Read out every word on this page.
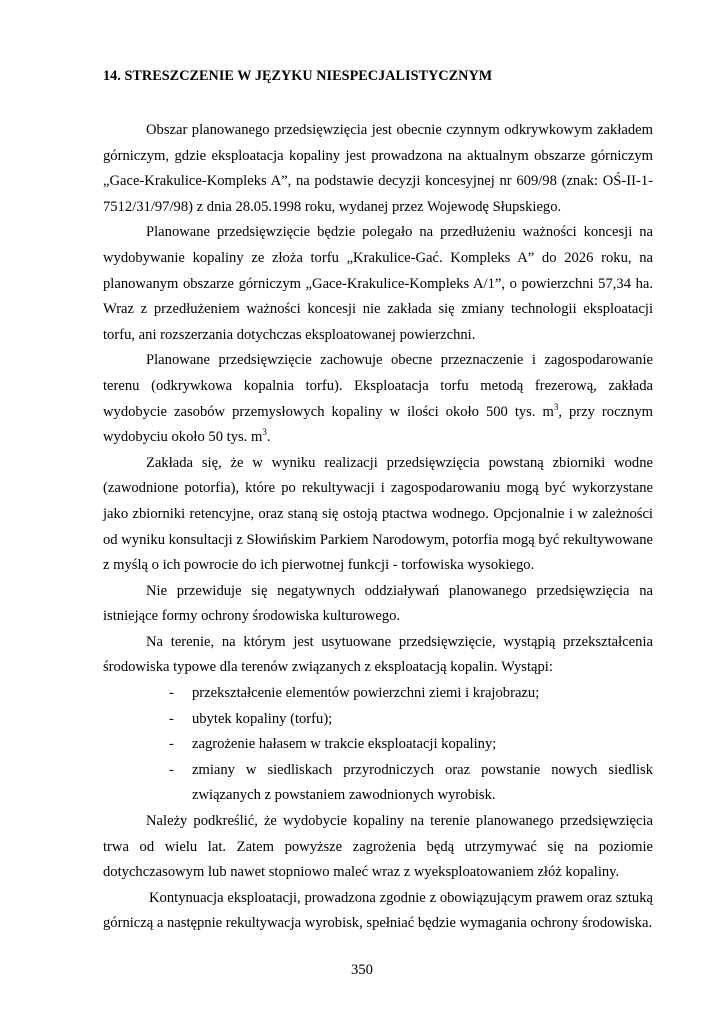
14. STRESZCZENIE W JĘZYKU NIESPECJALISTYCZNYM

Obszar planowanego przedsięwzięcia jest obecnie czynnym odkrywkowym zakładem górniczym, gdzie eksploatacja kopaliny jest prowadzona na aktualnym obszarze górniczym „Gace-Krakulice-Kompleks A”, na podstawie decyzji koncesyjnej nr 609/98 (znak: OŚ-II-1-7512/31/97/98) z dnia 28.05.1998 roku, wydanej przez Wojewodę Słupskiego.

Planowane przedsięwzięcie będzie polegało na przedłużeniu ważności koncesji na wydobywanie kopaliny ze złoża torfu „Krakulice-Gać. Kompleks A” do 2026 roku, na planowanym obszarze górniczym „Gace-Krakulice-Kompleks A/1”, o powierzchni 57,34 ha. Wraz z przedłużeniem ważności koncesji nie zakłada się zmiany technologii eksploatacji torfu, ani rozszerzania dotychczas eksploatowanej powierzchni.

Planowane przedsięwzięcie zachowuje obecne przeznaczenie i zagospodarowanie terenu (odkrywkowa kopalnia torfu). Eksploatacja torfu metodą frezerową, zakłada wydobycie zasobów przemysłowych kopaliny w ilości około 500 tys. $m^3$, przy rocznym wydobyciu około 50 tys. $m^3$.

Zakłada się, że w wyniku realizacji przedsięwzięcia powstaną zbiorniki wodne (zawodnione potorfia), które po rekultywacji i zagospodarowaniu mogą być wykorzystane jako zbiorniki retencyjne, oraz staną się ostoją ptactwa wodnego. Opcjonalnie i w zależności od wyniku konsultacji z Słowińskim Parkiem Narodowym, potorfia mogą być rekultywowane z myślą o ich powrocie do ich pierwotnej funkcji - torfowiska wysokiego.

Nie przewiduje się negatywnych oddziaływań planowanego przedsięwzięcia na istniejące formy ochrony środowiska kulturowego.

Na terenie, na którym jest usytuowane przedsięwzięcie, wystąpią przekształcenia środowiska typowe dla terenów związanych z eksploatacją kopalin. Wystąpi:

- przekształcenie elementów powierzchni ziemi i krajobrazu;
- ubytek kopaliny (torfu);
- zagrożenie hałasem w trakcie eksploatacji kopaliny;
- zmiany w siedliskach przyrodniczych oraz powstanie nowych siedlisk związanych z powstaniem zawodnionych wyrobisk.

Należy podkreślić, że wydobycie kopaliny na terenie planowanego przedsięwzięcia trwa od wielu lat. Zatem powyższe zagrożenia będą utrzymywać się na poziomie dotychczasowym lub nawet stopniowo maleć wraz z wyeksploatowaniem złóż kopaliny.

Kontynuacja eksploatacji, prowadzona zgodnie z obowiązującym prawem oraz sztuką górniczą a następnie rekultywacja wyrobisk, spełniać będzie wymagania ochrony środowiska.

350
